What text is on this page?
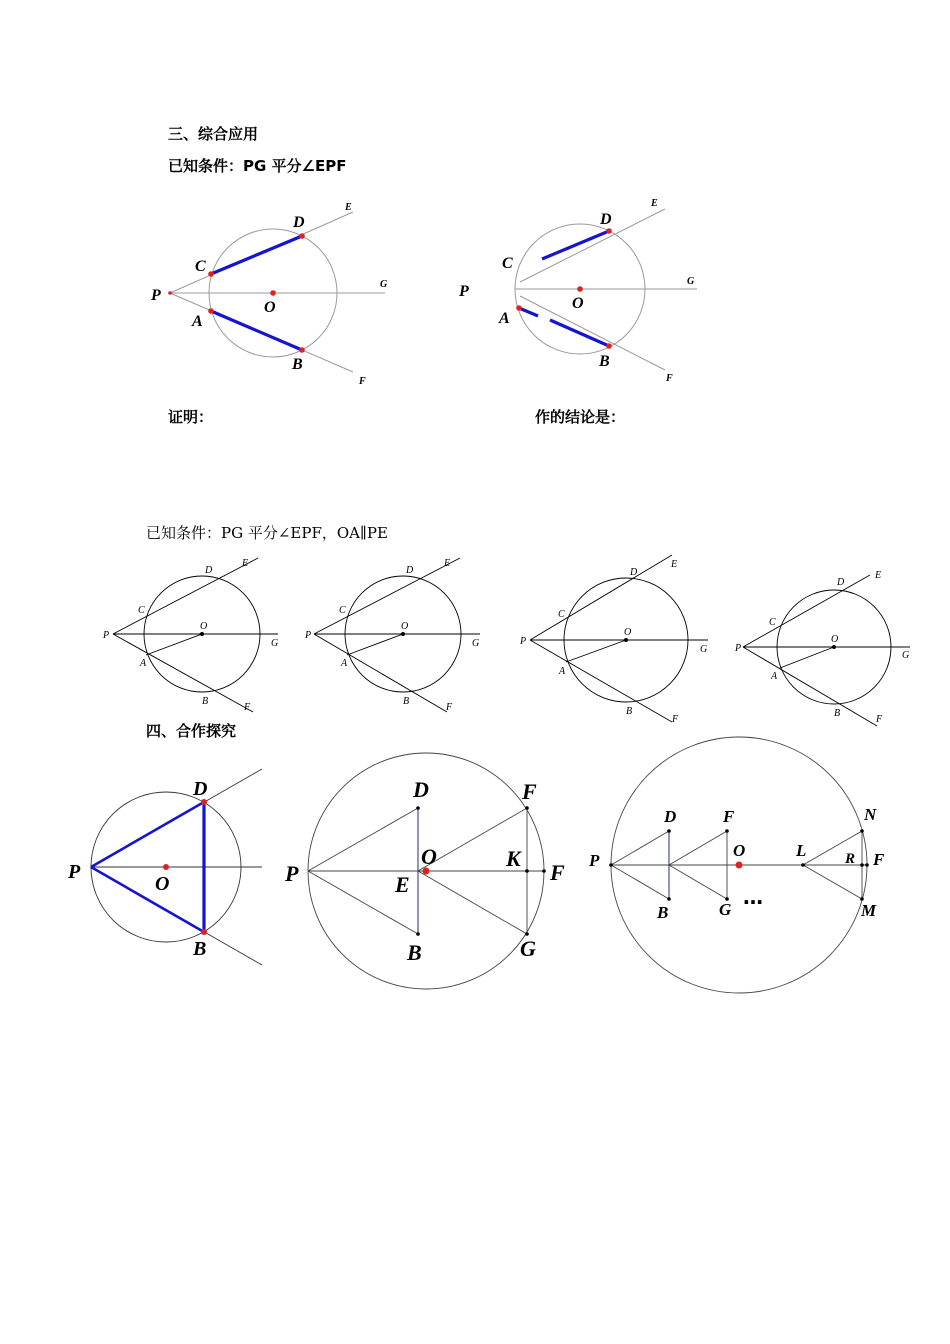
三、综合应用
已知条件：PG 平分∠EPF
证明：	作的结论是：
已知条件：PG 平分∠EPF，OA∥PE
四、合作探究
P
C
D
A
B
O
E
F
G	P
C
D
A
B
O
E
F
G
P
C
D
E
O
G
A
B
F
P
C
D
E
O
G
A
B
F
P
C
D
E
O
G
A
B
F
P
C
D
E
O
G
A
B
F
P
D
O
B
P
D
O
E
B
F
K
F
G
P
D
B
F
G
O
…
L
N
R F
M
